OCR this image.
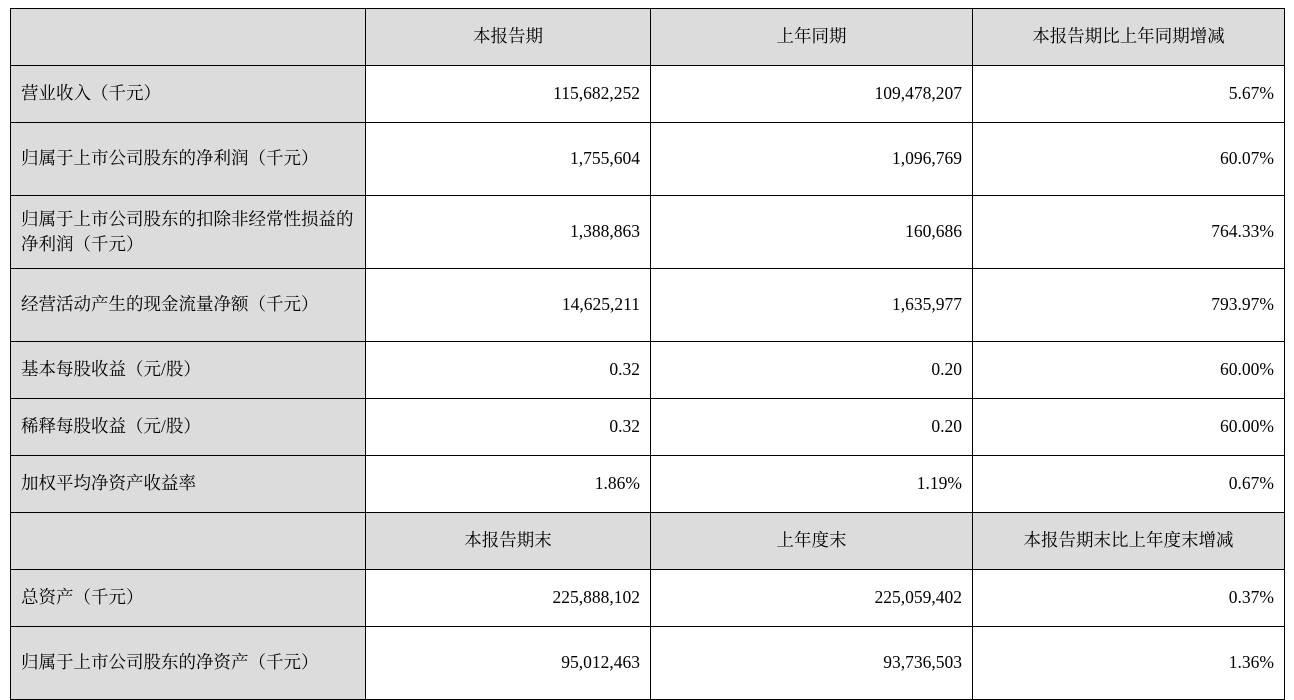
	本报告期	上年同期	本报告期比上年同期增减
营业收入（千元）	115,682,252	109,478,207	5.67%
归属于上市公司股东的净利润（千元）	1,755,604	1,096,769	60.07%
归属于上市公司股东的扣除非经常性损益的净利润（千元）	1,388,863	160,686	764.33%
经营活动产生的现金流量净额（千元）	14,625,211	1,635,977	793.97%
基本每股收益（元/股）	0.32	0.20	60.00%
稀释每股收益（元/股）	0.32	0.20	60.00%
加权平均净资产收益率	1.86%	1.19%	0.67%
	本报告期末	上年度末	本报告期末比上年度末增减
总资产（千元）	225,888,102	225,059,402	0.37%
归属于上市公司股东的净资产（千元）	95,012,463	93,736,503	1.36%
